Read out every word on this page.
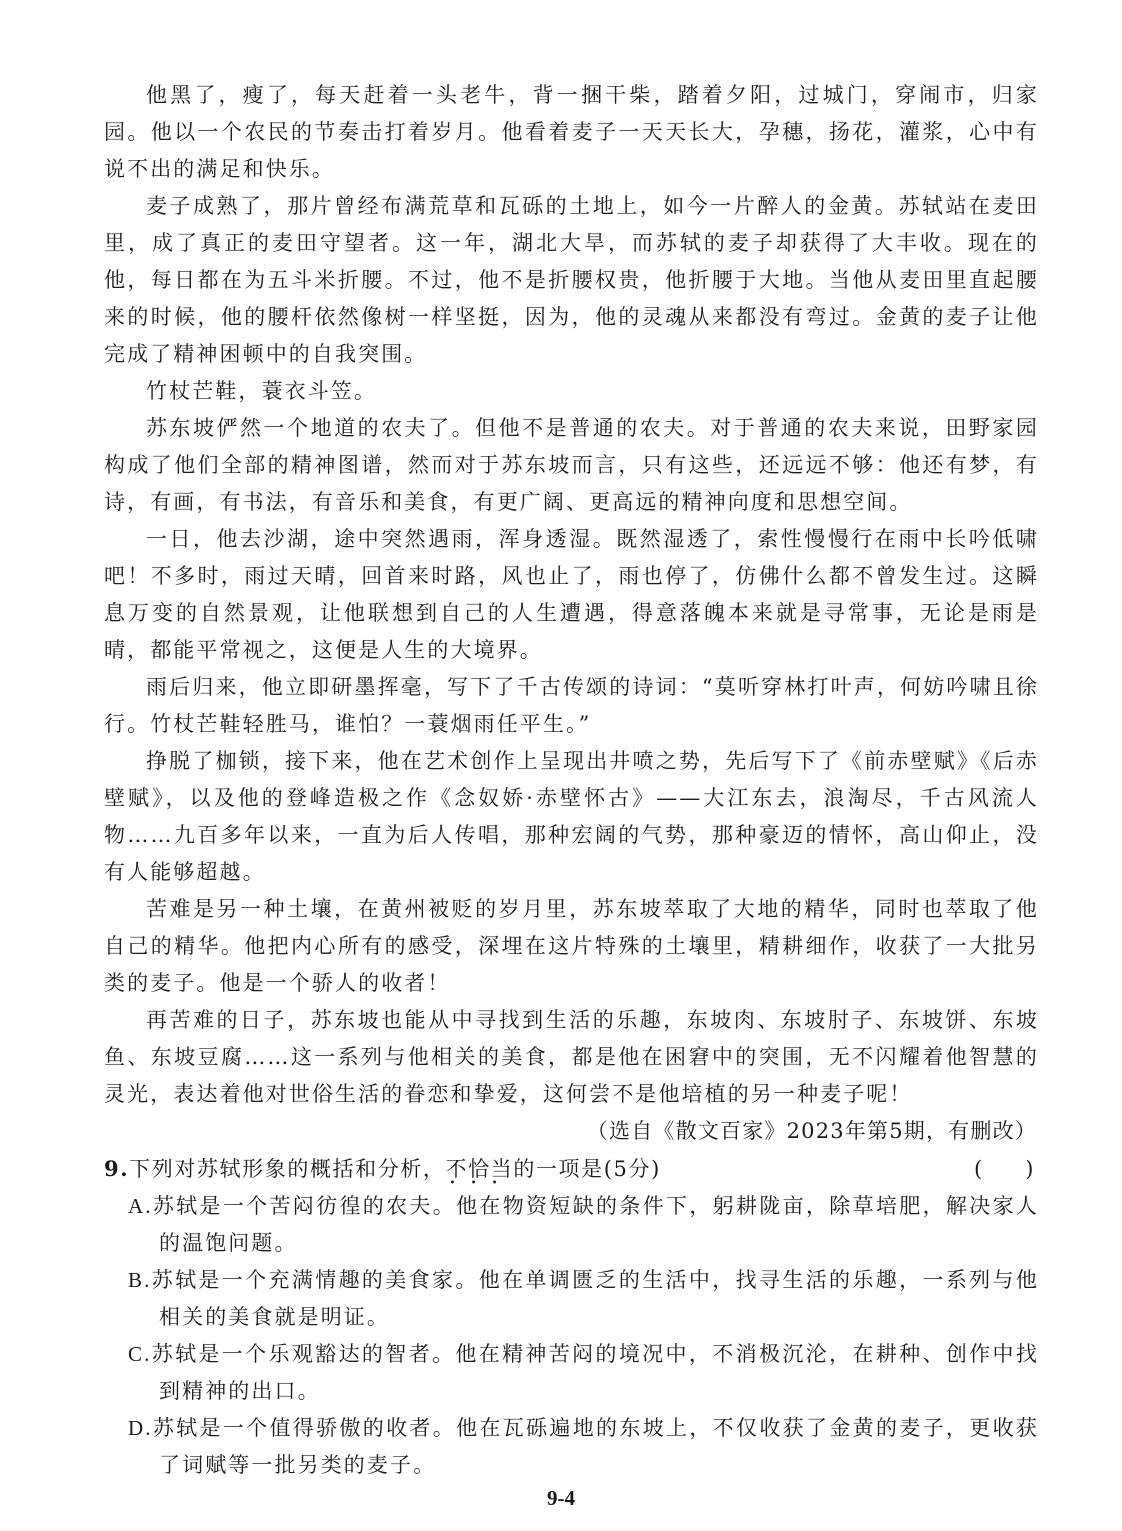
他黑了，瘦了，每天赶着一头老牛，背一捆干柴，踏着夕阳，过城门，穿闹市，归家园。他以一个农民的节奏击打着岁月。他看着麦子一天天长大，孕穗，扬花，灌浆，心中有说不出的满足和快乐。

麦子成熟了，那片曾经布满荒草和瓦砾的土地上，如今一片醉人的金黄。苏轼站在麦田里，成了真正的麦田守望者。这一年，湖北大旱，而苏轼的麦子却获得了大丰收。现在的他，每日都在为五斗米折腰。不过，他不是折腰权贵，他折腰于大地。当他从麦田里直起腰来的时候，他的腰杆依然像树一样坚挺，因为，他的灵魂从来都没有弯过。金黄的麦子让他完成了精神困顿中的自我突围。

竹杖芒鞋，蓑衣斗笠。

苏东坡俨然一个地道的农夫了。但他不是普通的农夫。对于普通的农夫来说，田野家园构成了他们全部的精神图谱，然而对于苏东坡而言，只有这些，还远远不够：他还有梦，有诗，有画，有书法，有音乐和美食，有更广阔、更高远的精神向度和思想空间。

一日，他去沙湖，途中突然遇雨，浑身透湿。既然湿透了，索性慢慢行在雨中长吟低啸吧！不多时，雨过天晴，回首来时路，风也止了，雨也停了，仿佛什么都不曾发生过。这瞬息万变的自然景观，让他联想到自己的人生遭遇，得意落魄本来就是寻常事，无论是雨是晴，都能平常视之，这便是人生的大境界。

雨后归来，他立即研墨挥毫，写下了千古传颂的诗词：“莫听穿林打叶声，何妨吟啸且徐行。竹杖芒鞋轻胜马，谁怕？一蓑烟雨任平生。”

挣脱了枷锁，接下来，他在艺术创作上呈现出井喷之势，先后写下了《前赤壁赋》《后赤壁赋》，以及他的登峰造极之作《念奴娇·赤壁怀古》——大江东去，浪淘尽，千古风流人物……九百多年以来，一直为后人传唱，那种宏阔的气势，那种豪迈的情怀，高山仰止，没有人能够超越。

苦难是另一种土壤，在黄州被贬的岁月里，苏东坡萃取了大地的精华，同时也萃取了他自己的精华。他把内心所有的感受，深埋在这片特殊的土壤里，精耕细作，收获了一大批另类的麦子。他是一个骄人的收者！

再苦难的日子，苏东坡也能从中寻找到生活的乐趣，东坡肉、东坡肘子、东坡饼、东坡鱼、东坡豆腐……这一系列与他相关的美食，都是他在困窘中的突围，无不闪耀着他智慧的灵光，表达着他对世俗生活的眷恋和挚爱，这何尝不是他培植的另一种麦子呢！

（选自《散文百家》2023年第5期，有删改）

9.下列对苏轼形象的概括和分析，不恰当 • • •的一项是(5分)	(     )

A.苏轼是一个苦闷彷徨的农夫。他在物资短缺的条件下，躬耕陇亩，除草培肥，解决家人的温饱问题。

B.苏轼是一个充满情趣的美食家。他在单调匮乏的生活中，找寻生活的乐趣，一系列与他相关的美食就是明证。

C.苏轼是一个乐观豁达的智者。他在精神苦闷的境况中，不消极沉沦，在耕种、创作中找到精神的出口。

D.苏轼是一个值得骄傲的收者。他在瓦砾遍地的东坡上，不仅收获了金黄的麦子，更收获了词赋等一批另类的麦子。

9-4
